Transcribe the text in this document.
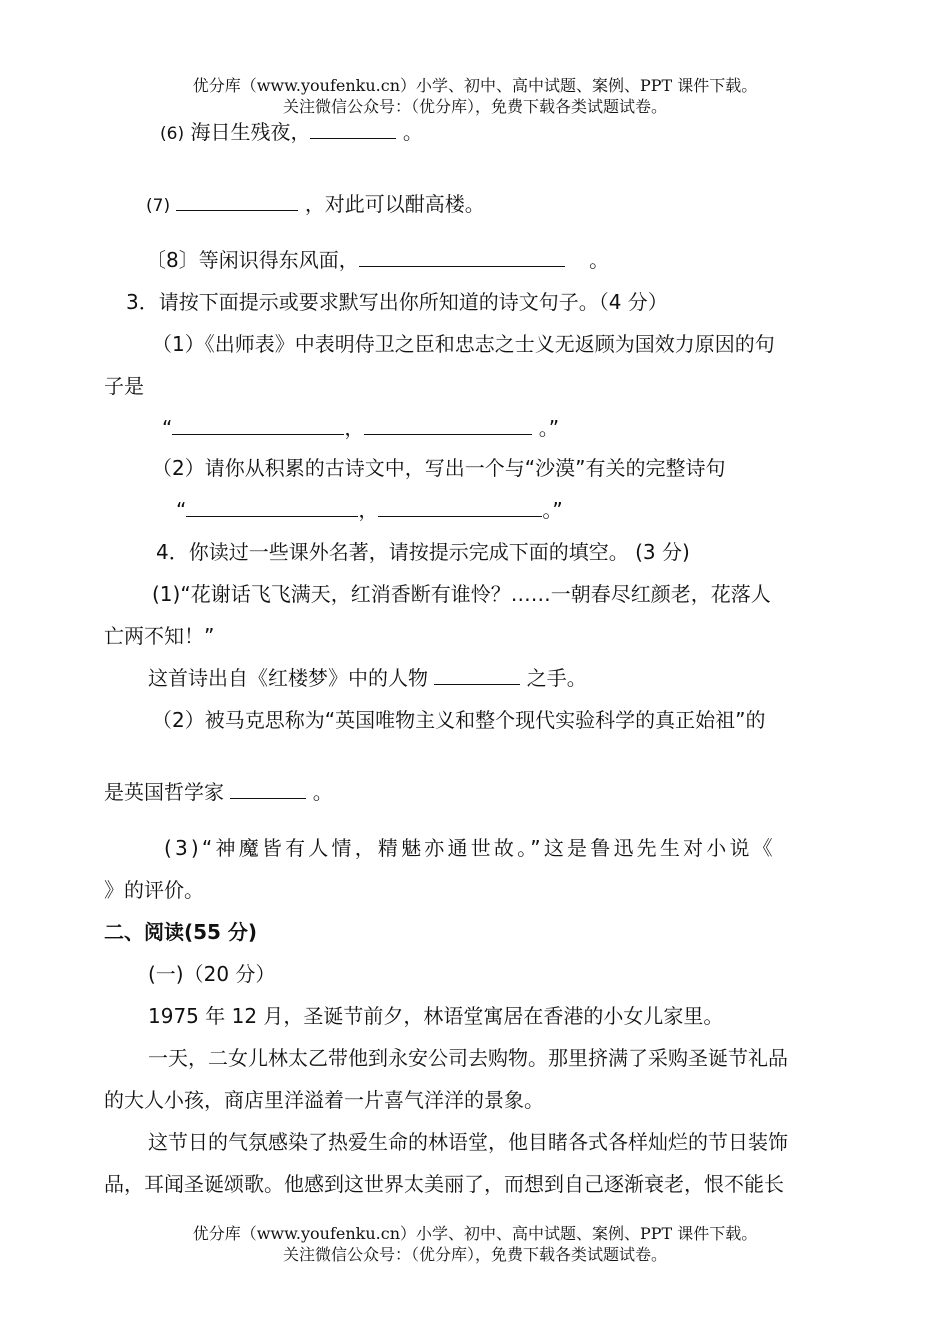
优分库（www.youfenku.cn）小学、初中、高中试题、案例、PPT 课件下载。
关注微信公众号：（优分库），免费下载各类试题试卷。
(6) 海日生残夜，	。
(7)	，对此可以酣高楼。
〔8〕等闲识得东风面，	。
3．请按下面提示或要求默写出你所知道的诗文句子。（4 分）
（1）《出师表》中表明侍卫之臣和忠志之士义无返顾为国效力原因的句
子是
“	，	。”
（2）请你从积累的古诗文中，写出一个与“沙漠”有关的完整诗句
“	，	。”
4．你读过一些课外名著，请按提示完成下面的填空。 (3 分)
(1)“花谢话飞飞满天，红消香断有谁怜？……一朝春尽红颜老，花落人
亡两不知！”
这首诗出自《红楼梦》中的人物	之手。
（2）被马克思称为“英国唯物主义和整个现代实验科学的真正始祖”的
是英国哲学家	。
(3)“神魔皆有人情，精魅亦通世故。”这是鲁迅先生对小说《
》的评价。
二、阅读(55 分)
(一)（20 分）
1975 年 12 月，圣诞节前夕，林语堂寓居在香港的小女儿家里。
一天，二女儿林太乙带他到永安公司去购物。那里挤满了采购圣诞节礼品
的大人小孩，商店里洋溢着一片喜气洋洋的景象。
这节日的气氛感染了热爱生命的林语堂，他目睹各式各样灿烂的节日装饰
品，耳闻圣诞颂歌。他感到这世界太美丽了，而想到自己逐渐衰老，恨不能长
优分库（www.youfenku.cn）小学、初中、高中试题、案例、PPT 课件下载。
关注微信公众号：（优分库），免费下载各类试题试卷。
